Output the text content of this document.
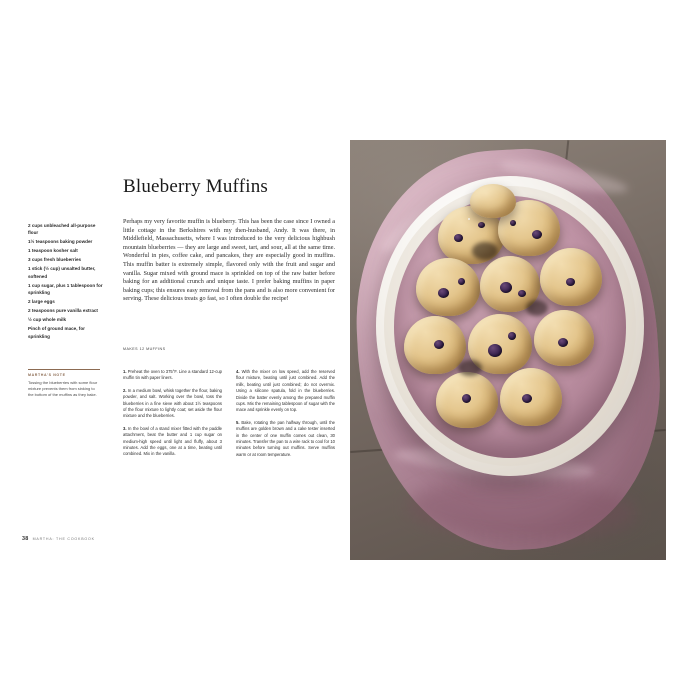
Blueberry Muffins

Perhaps my very favorite muffin is blueberry. This has been the case since I owned a little cottage in the Berkshires with my then-husband, Andy. It was there, in Middlefield, Massachusetts, where I was introduced to the very delicious highbush mountain blueberries — they are large and sweet, tart, and sour, all at the same time. Wonderful in pies, coffee cake, and pancakes, they are especially good in muffins. This muffin batter is extremely simple, flavored only with the fruit and sugar and vanilla. Sugar mixed with ground mace is sprinkled on top of the raw batter before baking for an additional crunch and unique taste. I prefer baking muffins in paper baking cups; this ensures easy removal from the pans and is also more convenient for serving. These delicious treats go fast, so I often double the recipe!

MAKES 12 MUFFINS
2 cups unbleached all-purpose flour
1½ teaspoons baking powder
1 teaspoon kosher salt
3 cups fresh blueberries
1 stick (½ cup) unsalted butter, softened
1 cup sugar, plus 1 tablespoon for sprinkling
2 large eggs
2 teaspoons pure vanilla extract
½ cup whole milk
Pinch of ground mace, for sprinkling
MARTHA'S NOTE
Tossing the blueberries with some flour mixture prevents them from sinking to the bottom of the muffins as they bake.

1. Preheat the oven to 375°F. Line a standard 12-cup muffin tin with paper liners.

2. In a medium bowl, whisk together the flour, baking powder, and salt. Working over the bowl, toss the blueberries in a fine sieve with about 1½ teaspoons of the flour mixture to lightly coat; set aside the flour mixture and the blueberries.

3. In the bowl of a stand mixer fitted with the paddle attachment, beat the butter and 1 cup sugar on medium-high speed until light and fluffy, about 3 minutes. Add the eggs, one at a time, beating until combined. Mix in the vanilla.

4. With the mixer on low speed, add the reserved flour mixture, beating until just combined. Add the milk, beating until just combined; do not overmix. Using a silicone spatula, fold in the blueberries. Divide the batter evenly among the prepared muffin cups. Mix the remaining tablespoon of sugar with the mace and sprinkle evenly on top.

5. Bake, rotating the pan halfway through, until the muffins are golden brown and a cake tester inserted in the center of one muffin comes out clean, 30 minutes. Transfer the pan to a wire rack to cool for 10 minutes before turning out muffins. Serve muffins warm or at room temperature.

38 MARTHA: THE COOKBOOK
